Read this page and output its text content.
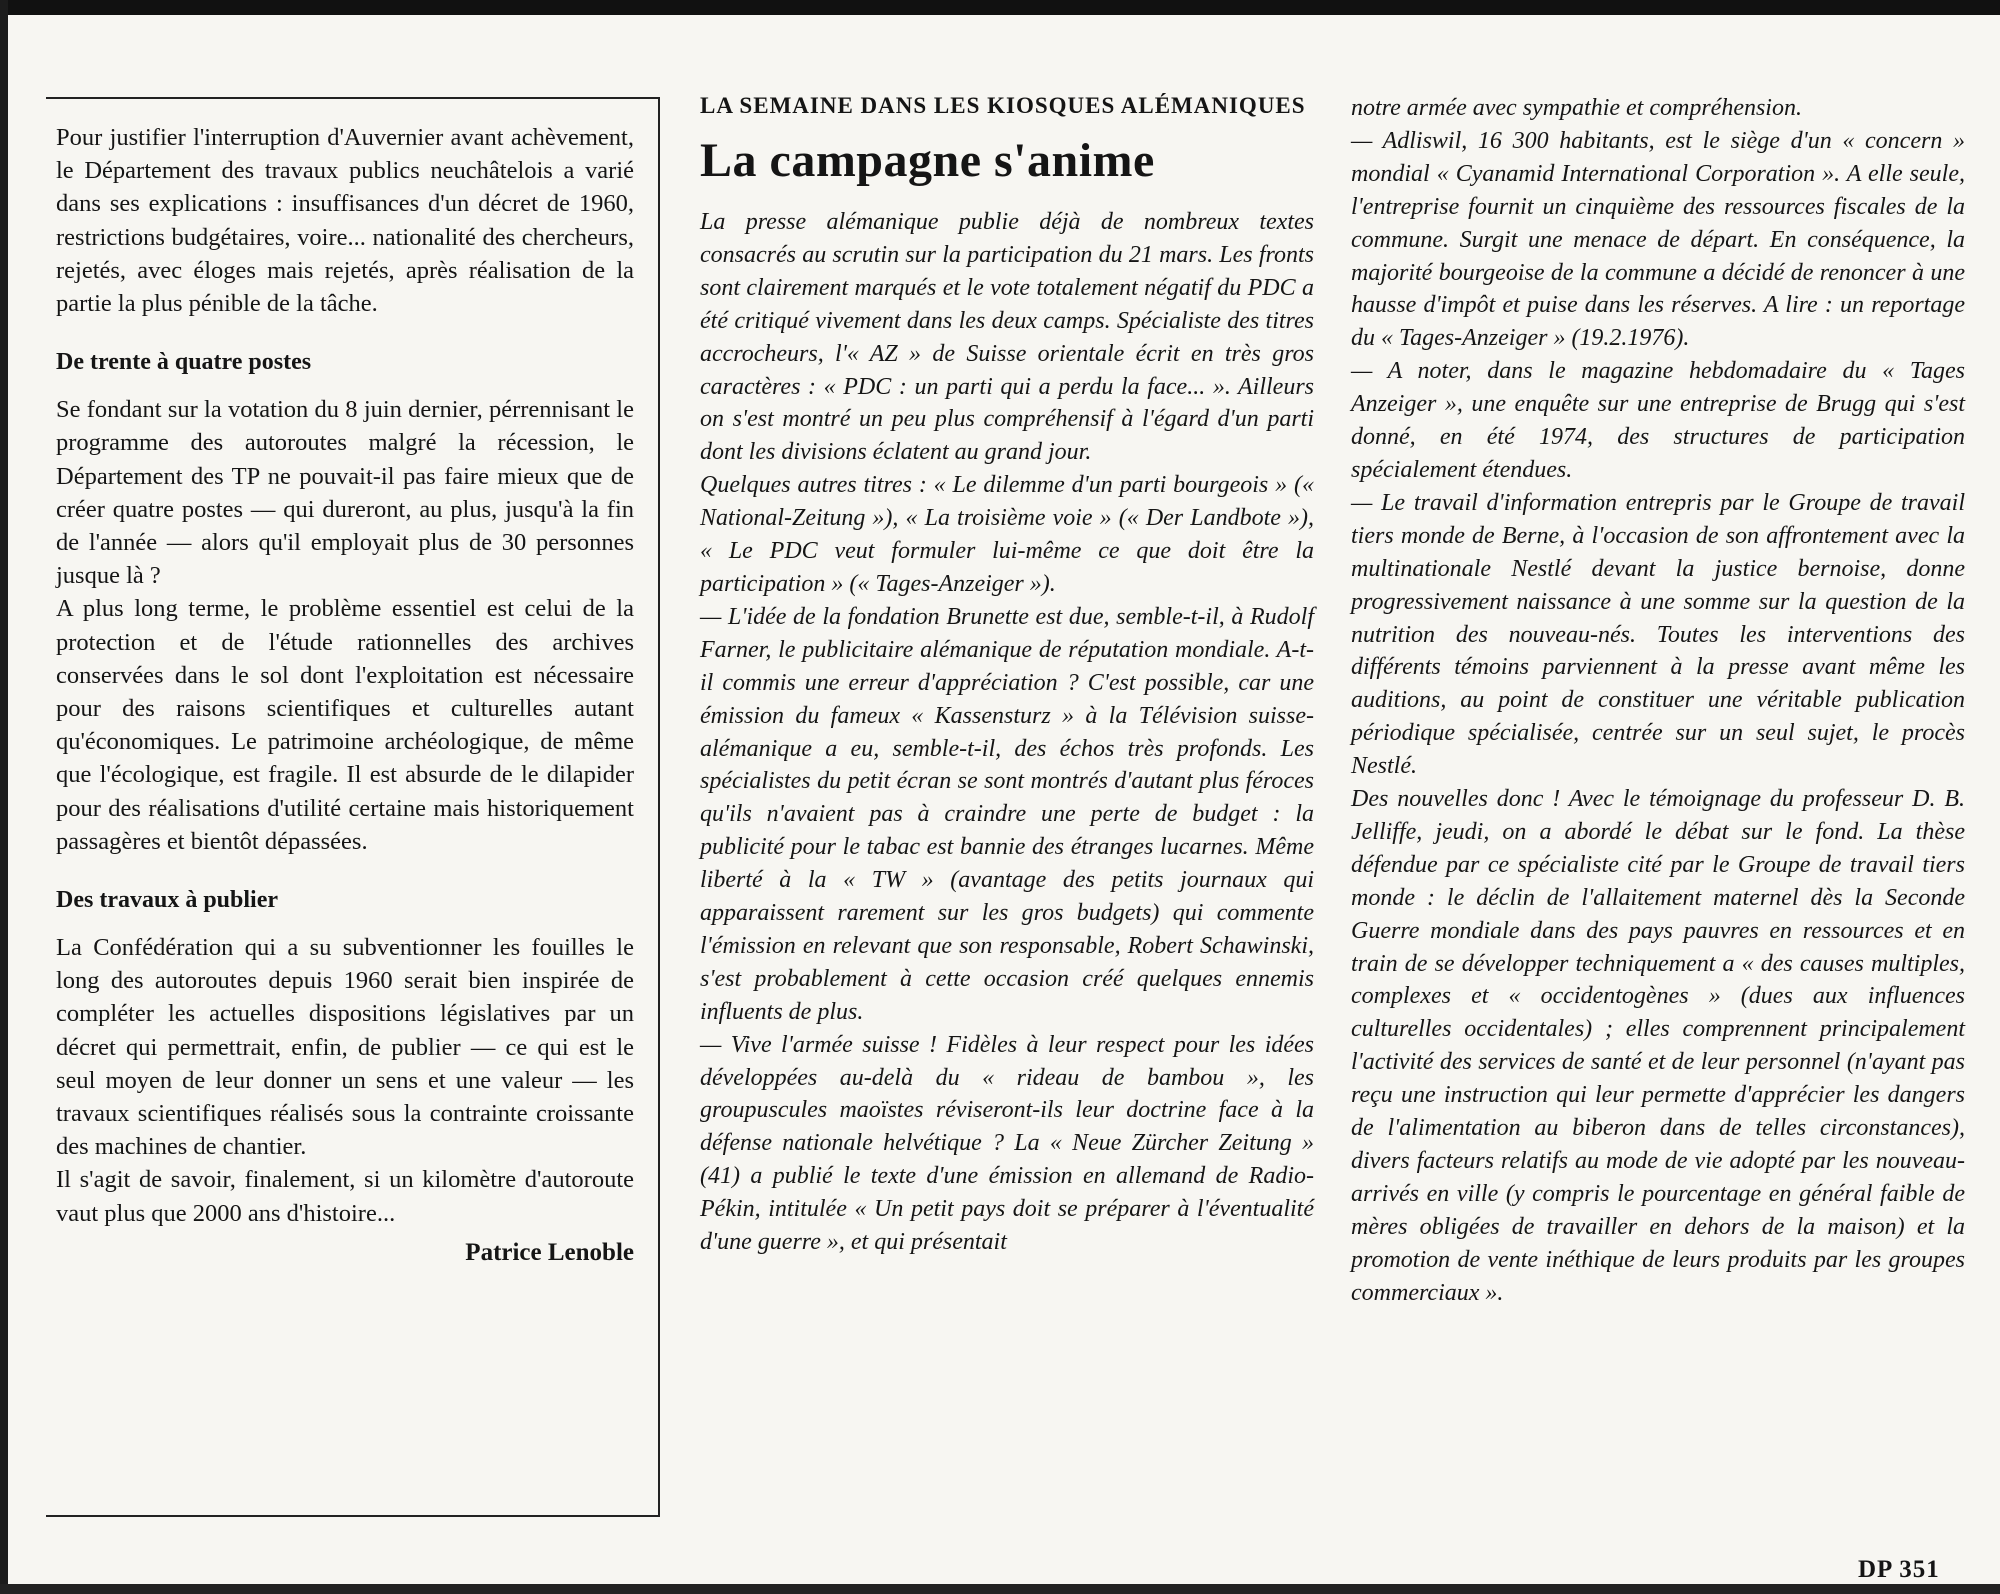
Pour justifier l'interruption d'Auvernier avant achèvement, le Département des travaux publics neuchâtelois a varié dans ses explications : insuffisances d'un décret de 1960, restrictions budgétaires, voire... nationalité des chercheurs, rejetés, avec éloges mais rejetés, après réalisation de la partie la plus pénible de la tâche.

De trente à quatre postes

Se fondant sur la votation du 8 juin dernier, pérrennisant le programme des autoroutes malgré la récession, le Département des TP ne pouvait-il pas faire mieux que de créer quatre postes — qui dureront, au plus, jusqu'à la fin de l'année — alors qu'il employait plus de 30 personnes jusque là ?

A plus long terme, le problème essentiel est celui de la protection et de l'étude rationnelles des archives conservées dans le sol dont l'exploitation est nécessaire pour des raisons scientifiques et culturelles autant qu'économiques. Le patrimoine archéologique, de même que l'écologique, est fragile. Il est absurde de le dilapider pour des réalisations d'utilité certaine mais historiquement passagères et bientôt dépassées.

Des travaux à publier

La Confédération qui a su subventionner les fouilles le long des autoroutes depuis 1960 serait bien inspirée de compléter les actuelles dispositions législatives par un décret qui permettrait, enfin, de publier — ce qui est le seul moyen de leur donner un sens et une valeur — les travaux scientifiques réalisés sous la contrainte croissante des machines de chantier.

Il s'agit de savoir, finalement, si un kilomètre d'autoroute vaut plus que 2000 ans d'histoire...

Patrice Lenoble
LA SEMAINE DANS LES KIOSQUES ALÉMANIQUES
La campagne s'anime

La presse alémanique publie déjà de nombreux textes consacrés au scrutin sur la participation du 21 mars. Les fronts sont clairement marqués et le vote totalement négatif du PDC a été critiqué vivement dans les deux camps. Spécialiste des titres accrocheurs, l'« AZ » de Suisse orientale écrit en très gros caractères : « PDC : un parti qui a perdu la face... ». Ailleurs on s'est montré un peu plus compréhensif à l'égard d'un parti dont les divisions éclatent au grand jour.

Quelques autres titres : « Le dilemme d'un parti bourgeois » (« National-Zeitung »), « La troisième voie » (« Der Landbote »), « Le PDC veut formuler lui-même ce que doit être la participation » (« Tages-Anzeiger »).

— L'idée de la fondation Brunette est due, semble-t-il, à Rudolf Farner, le publicitaire alémanique de réputation mondiale. A-t-il commis une erreur d'appréciation ? C'est possible, car une émission du fameux « Kassensturz » à la Télévision suisse-alémanique a eu, semble-t-il, des échos très profonds. Les spécialistes du petit écran se sont montrés d'autant plus féroces qu'ils n'avaient pas à craindre une perte de budget : la publicité pour le tabac est bannie des étranges lucarnes. Même liberté à la « TW » (avantage des petits journaux qui apparaissent rarement sur les gros budgets) qui commente l'émission en relevant que son responsable, Robert Schawinski, s'est probablement à cette occasion créé quelques ennemis influents de plus.

— Vive l'armée suisse ! Fidèles à leur respect pour les idées développées au-delà du « rideau de bambou », les groupuscules maoïstes réviseront-ils leur doctrine face à la défense nationale helvétique ? La « Neue Zürcher Zeitung » (41) a publié le texte d'une émission en allemand de Radio-Pékin, intitulée « Un petit pays doit se préparer à l'éventualité d'une guerre », et qui présentait

notre armée avec sympathie et compréhension.

— Adliswil, 16 300 habitants, est le siège d'un « concern » mondial « Cyanamid International Corporation ». A elle seule, l'entreprise fournit un cinquième des ressources fiscales de la commune. Surgit une menace de départ. En conséquence, la majorité bourgeoise de la commune a décidé de renoncer à une hausse d'impôt et puise dans les réserves. A lire : un reportage du « Tages-Anzeiger » (19.2.1976).

— A noter, dans le magazine hebdomadaire du « Tages Anzeiger », une enquête sur une entreprise de Brugg qui s'est donné, en été 1974, des structures de participation spécialement étendues.

— Le travail d'information entrepris par le Groupe de travail tiers monde de Berne, à l'occasion de son affrontement avec la multinationale Nestlé devant la justice bernoise, donne progressivement naissance à une somme sur la question de la nutrition des nouveau-nés. Toutes les interventions des différents témoins parviennent à la presse avant même les auditions, au point de constituer une véritable publication périodique spécialisée, centrée sur un seul sujet, le procès Nestlé.

Des nouvelles donc ! Avec le témoignage du professeur D. B. Jelliffe, jeudi, on a abordé le débat sur le fond. La thèse défendue par ce spécialiste cité par le Groupe de travail tiers monde : le déclin de l'allaitement maternel dès la Seconde Guerre mondiale dans des pays pauvres en ressources et en train de se développer techniquement a « des causes multiples, complexes et « occidentogènes » (dues aux influences culturelles occidentales) ; elles comprennent principalement l'activité des services de santé et de leur personnel (n'ayant pas reçu une instruction qui leur permette d'apprécier les dangers de l'alimentation au biberon dans de telles circonstances), divers facteurs relatifs au mode de vie adopté par les nouveau-arrivés en ville (y compris le pourcentage en général faible de mères obligées de travailler en dehors de la maison) et la promotion de vente inéthique de leurs produits par les groupes commerciaux ».

DP 351
